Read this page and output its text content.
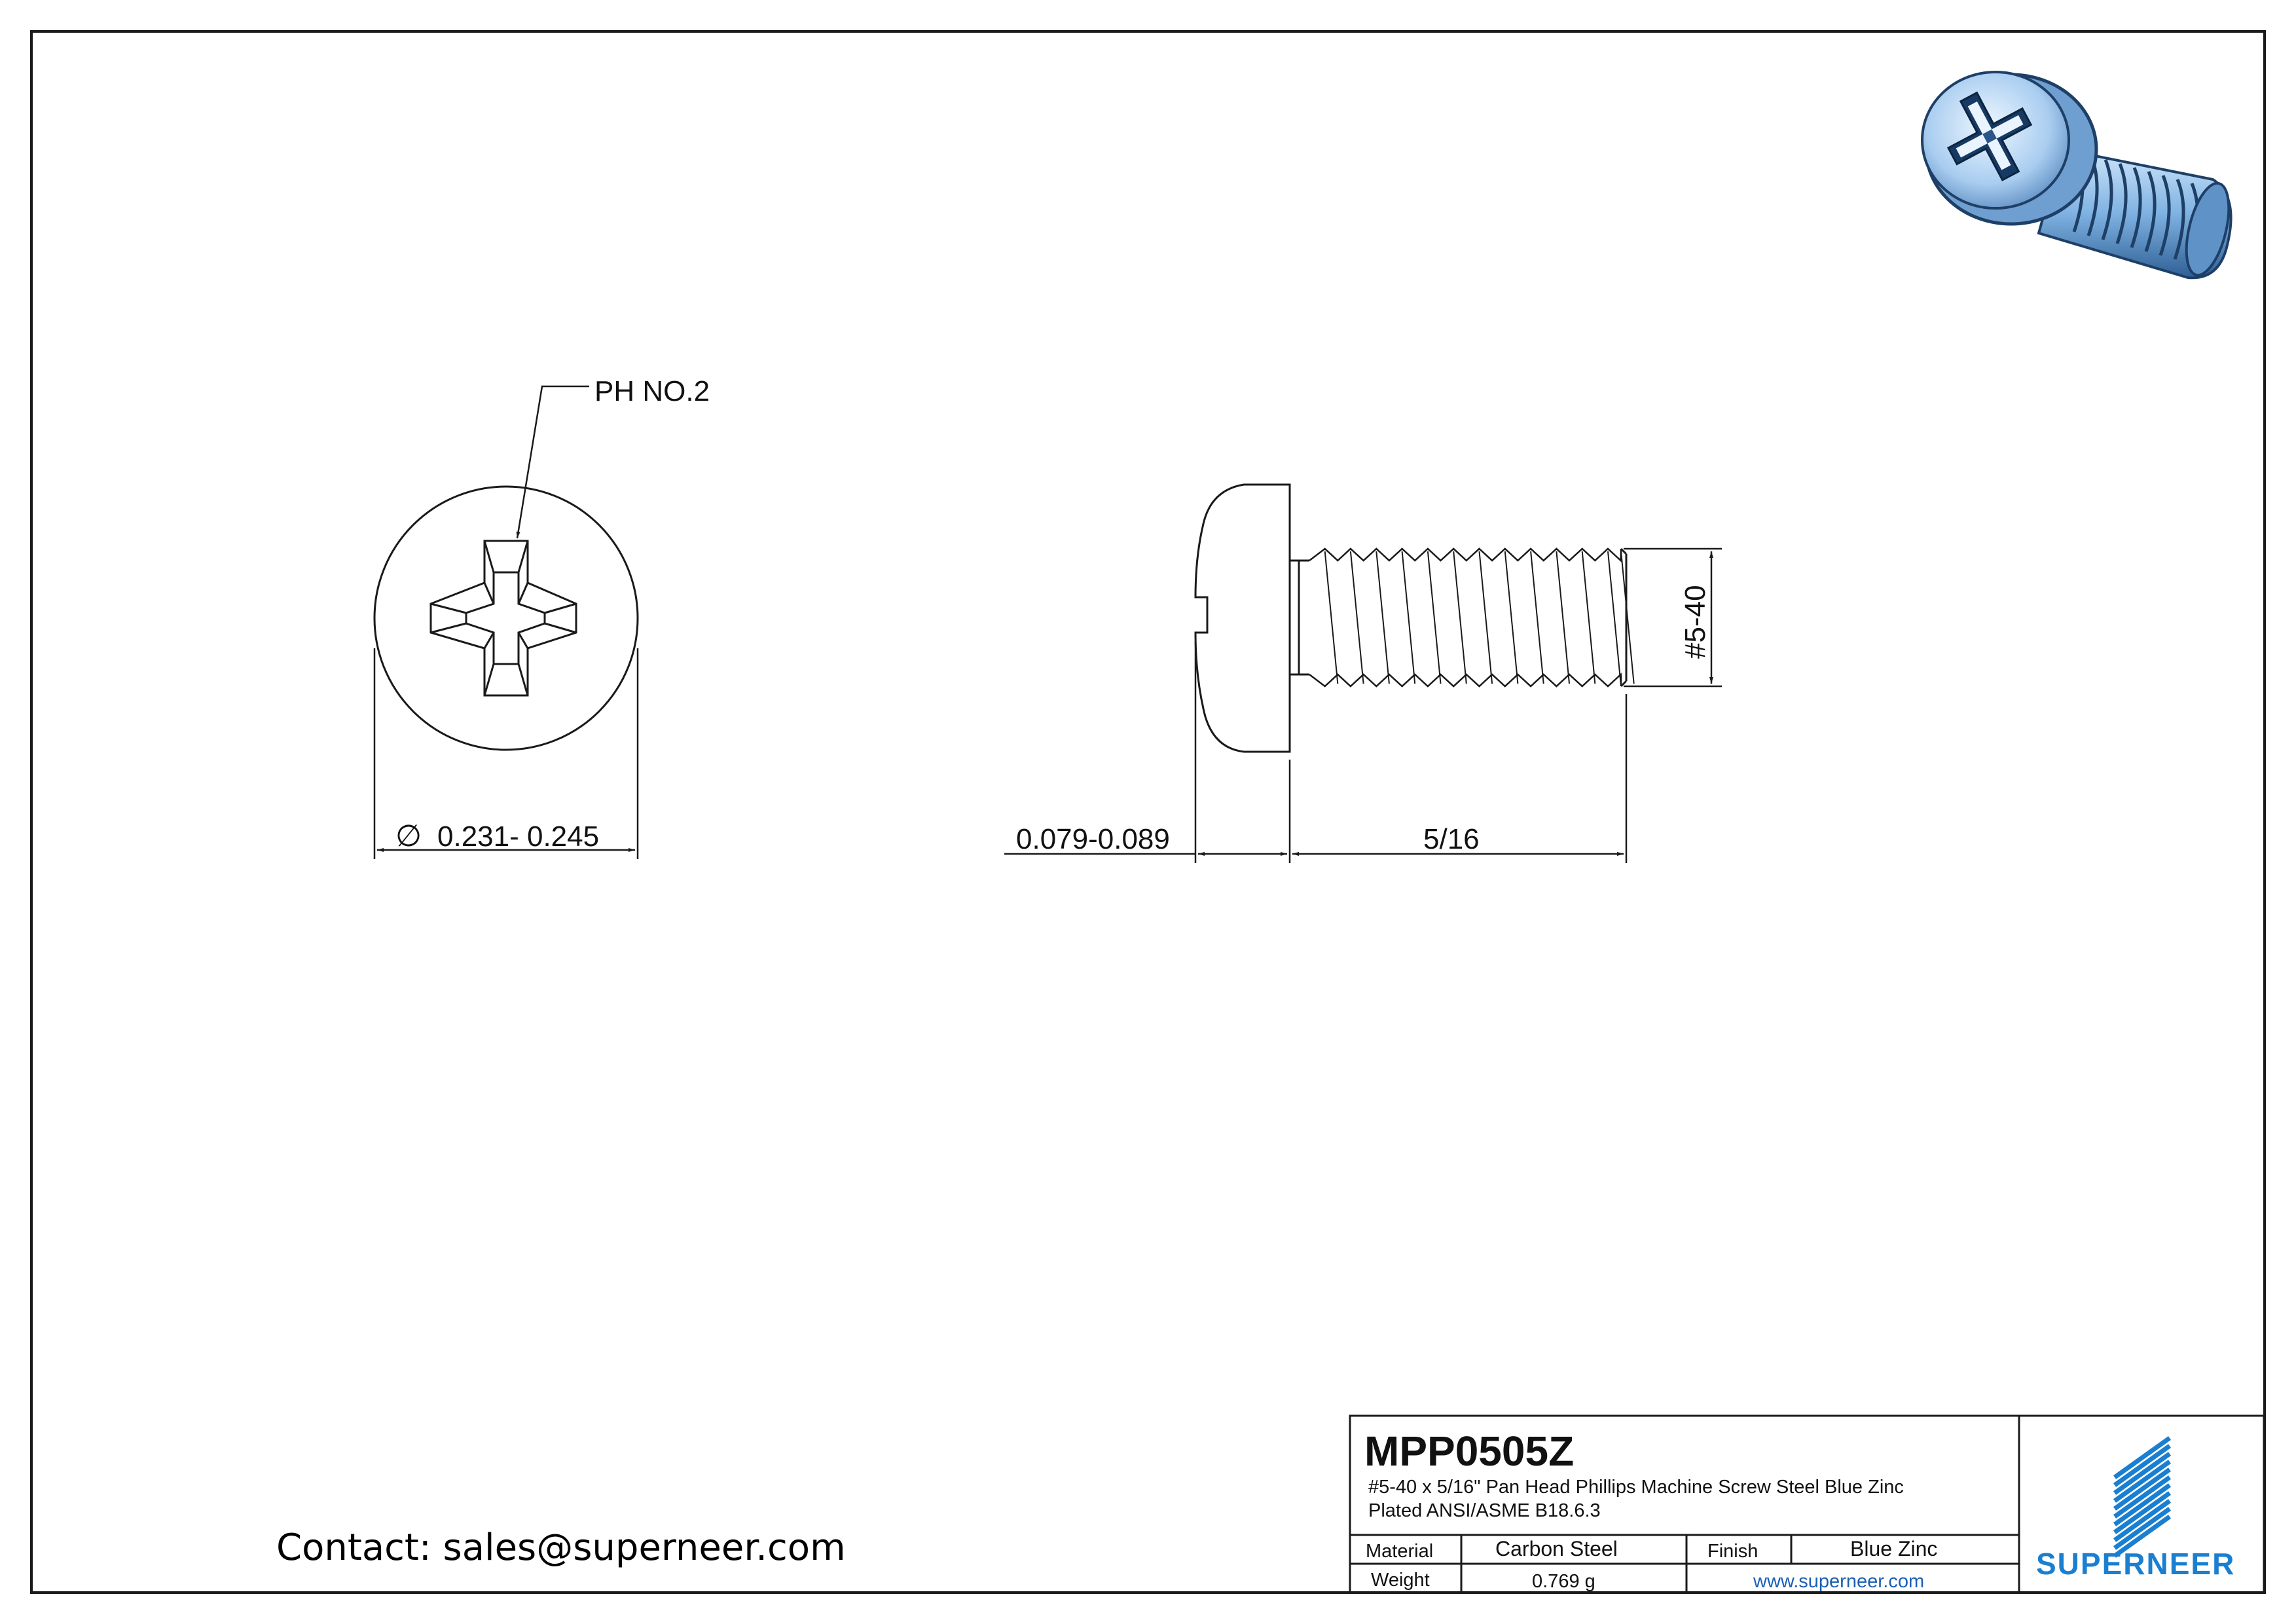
PH NO.2
∅ 0.231- 0.245
#5-40
0.079-0.089	5/16
MPP0505Z
#5-40 x 5/16" Pan Head Phillips Machine Screw Steel Blue Zinc
Plated ANSI/ASME B18.6.3
Material	Carbon Steel	Finish	Blue Zinc
Weight	0.769 g	www.superneer.com
SUPERNEER
Contact: sales@superneer.com
